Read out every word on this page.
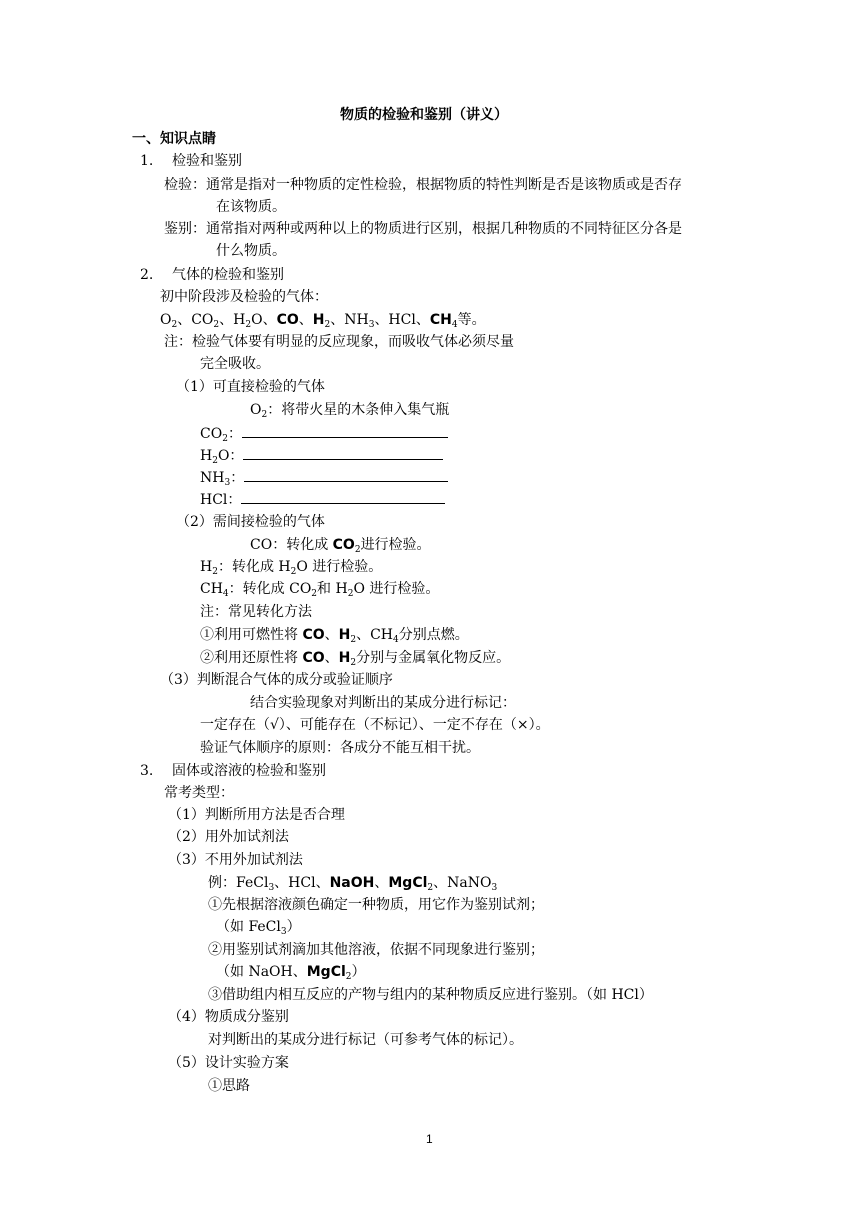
物质的检验和鉴别（讲义）
一、知识点睛
1. 检验和鉴别
检验：通常是指对一种物质的定性检验，根据物质的特性判断是否是该物质或是否存
在该物质。
鉴别：通常指对两种或两种以上的物质进行区别，根据几种物质的不同特征区分各是
什么物质。
2. 气体的检验和鉴别
初中阶段涉及检验的气体：
$O_2$、$CO_2$、$H_2O$、CO、$H_2$、$NH_3$、HCl、$CH_4$等。
注：检验气体要有明显的反应现象，而吸收气体必须尽量
完全吸收。
（1）可直接检验的气体
$O_2$：将带火星的木条伸入集气瓶
$CO_2$：
$H_2O$：
$NH_3$：
HCl：
（2）需间接检验的气体
CO：转化成 $CO_2$进行检验。
$H_2$：转化成 $H_2O$ 进行检验。
$CH_4$：转化成 $CO_2$和 $H_2O$ 进行检验。
注：常见转化方法
①利用可燃性将 CO、$H_2$、$CH_4$分别点燃。
②利用还原性将 CO、$H_2$分别与金属氧化物反应。
（3）判断混合气体的成分或验证顺序
结合实验现象对判断出的某成分进行标记：
一定存在（√）、可能存在（不标记）、一定不存在（×）。
验证气体顺序的原则：各成分不能互相干扰。
3. 固体或溶液的检验和鉴别
常考类型：
（1）判断所用方法是否合理
（2）用外加试剂法
（3）不用外加试剂法
例：FeCl$_3$、HCl、NaOH、MgCl$_2$、NaNO$_3$
①先根据溶液颜色确定一种物质，用它作为鉴别试剂；
（如 FeCl$_3$）
②用鉴别试剂滴加其他溶液，依据不同现象进行鉴别；
（如 NaOH、MgCl$_2$）
③借助组内相互反应的产物与组内的某种物质反应进行鉴别。（如 HCl）
（4）物质成分鉴别
对判断出的某成分进行标记（可参考气体的标记）。
（5）设计实验方案
①思路
1
